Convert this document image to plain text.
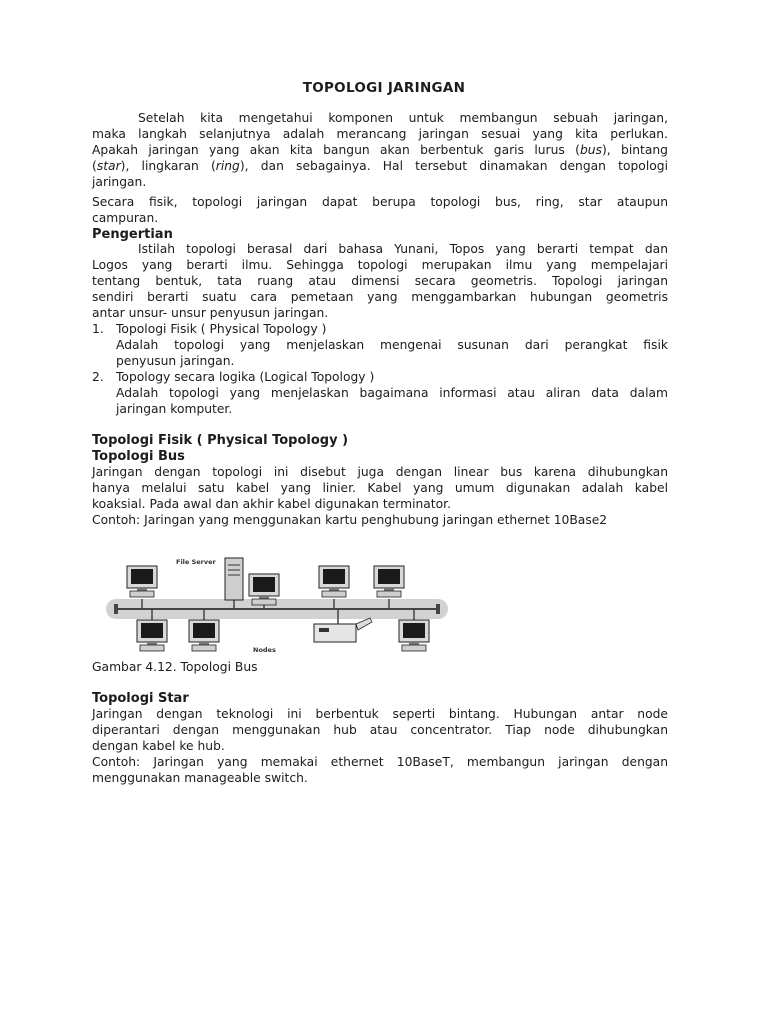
TOPOLOGI JARINGAN
Setelah kita mengetahui komponen untuk membangun sebuah jaringan,
maka langkah selanjutnya adalah merancang jaringan sesuai yang kita perlukan.
Apakah jaringan yang akan kita bangun akan berbentuk garis lurus (bus), bintang
(star), lingkaran (ring), dan sebagainya. Hal tersebut dinamakan dengan topologi
jaringan.
Secara fisik, topologi jaringan dapat berupa topologi bus, ring, star ataupun
campuran.
Pengertian
Istilah topologi berasal dari bahasa Yunani, Topos yang berarti tempat dan
Logos yang berarti ilmu. Sehingga topologi merupakan ilmu yang mempelajari
tentang bentuk, tata ruang atau dimensi secara geometris. Topologi jaringan
sendiri berarti suatu cara pemetaan yang menggambarkan hubungan geometris
antar unsur- unsur penyusun jaringan.
1. Topologi Fisik ( Physical Topology )
Adalah topologi yang menjelaskan mengenai susunan dari perangkat fisik
penyusun jaringan.
2. Topology secara logika (Logical Topology )
Adalah topologi yang menjelaskan bagaimana informasi atau aliran data dalam
jaringan komputer.
Topologi Fisik ( Physical Topology )
Topologi Bus
Jaringan dengan topologi ini disebut juga dengan linear bus karena dihubungkan
hanya melalui satu kabel yang linier. Kabel yang umum digunakan adalah kabel
koaksial. Pada awal dan akhir kabel digunakan terminator.
Contoh: Jaringan yang menggunakan kartu penghubung jaringan ethernet 10Base2
File Server
Nodes
Gambar 4.12. Topologi Bus
Topologi Star
Jaringan dengan teknologi ini berbentuk seperti bintang. Hubungan antar node
diperantari dengan menggunakan hub atau concentrator. Tiap node dihubungkan
dengan kabel ke hub.
Contoh: Jaringan yang memakai ethernet 10BaseT, membangun jaringan dengan
menggunakan manageable switch.
